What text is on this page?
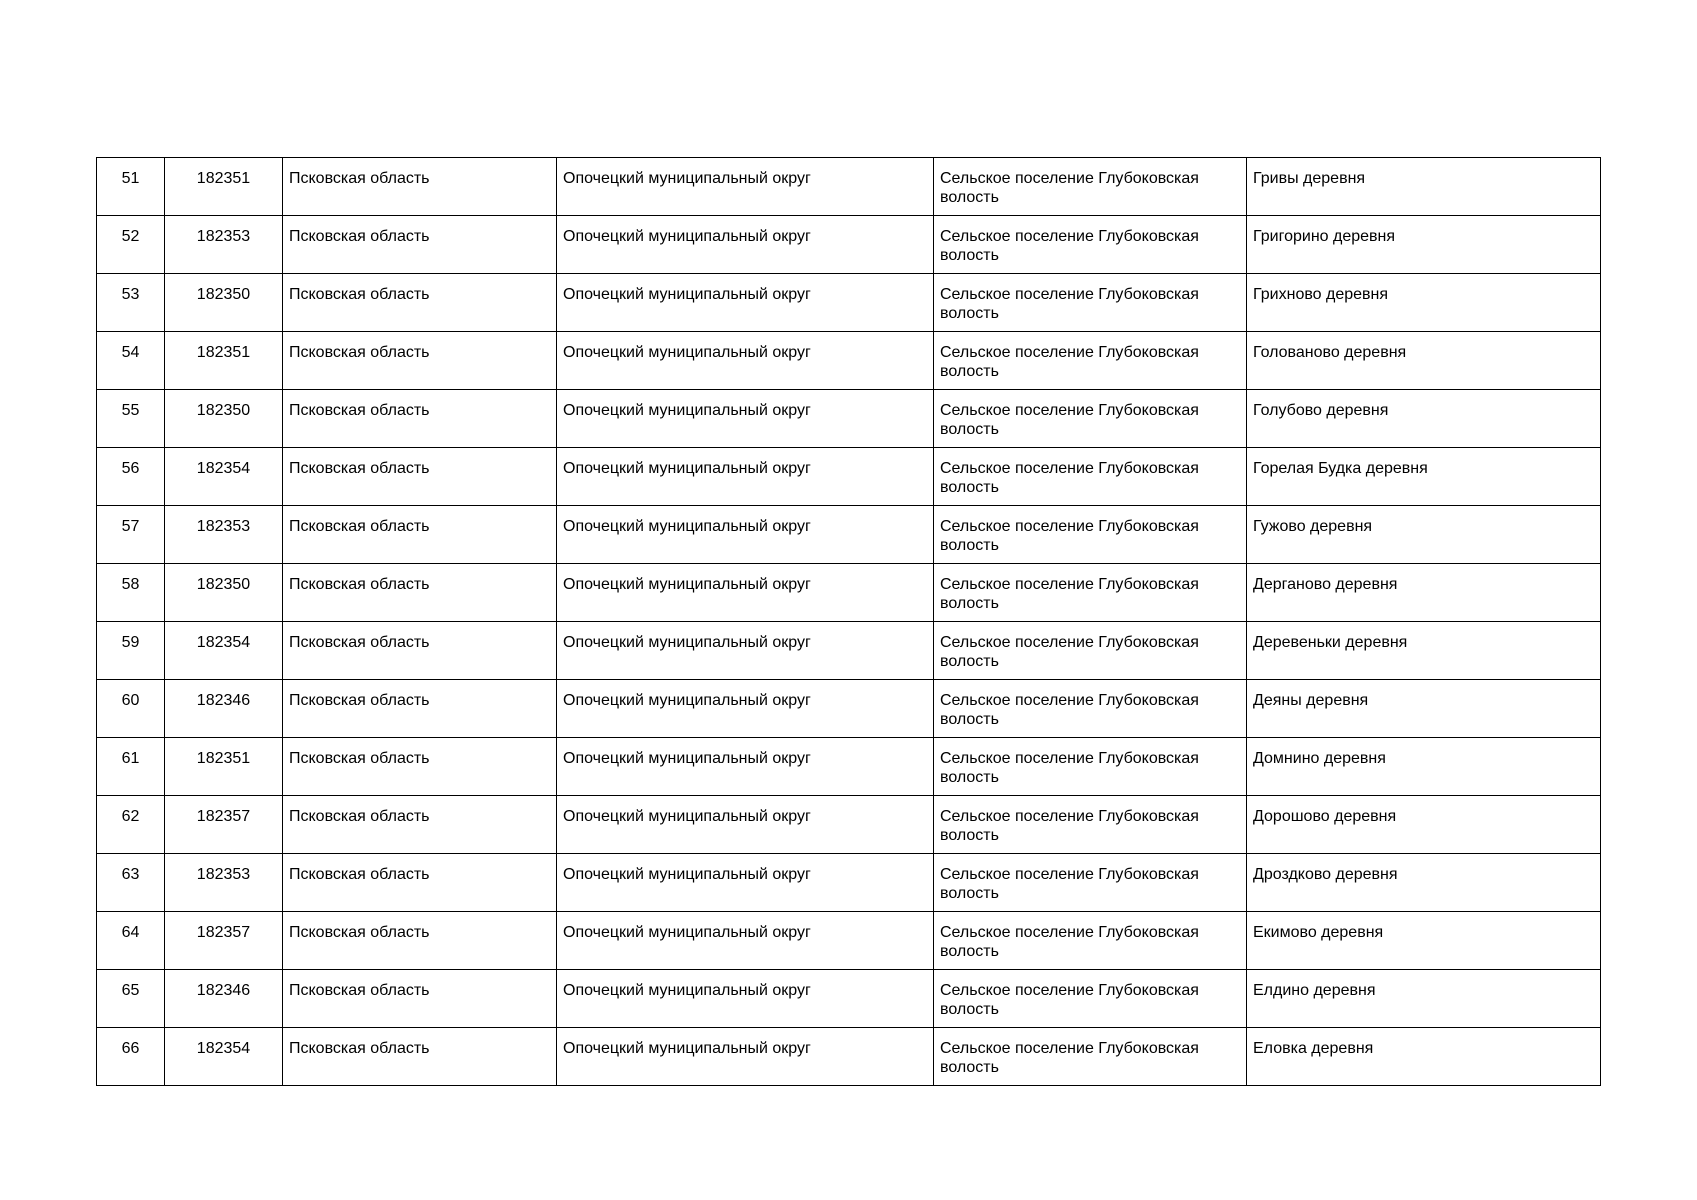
51	182351	Псковская область	Опочецкий муниципальный округ	Сельское поселение Глубоковская волость	Гривы деревня
52	182353	Псковская область	Опочецкий муниципальный округ	Сельское поселение Глубоковская волость	Григорино деревня
53	182350	Псковская область	Опочецкий муниципальный округ	Сельское поселение Глубоковская волость	Грихново деревня
54	182351	Псковская область	Опочецкий муниципальный округ	Сельское поселение Глубоковская волость	Голованово деревня
55	182350	Псковская область	Опочецкий муниципальный округ	Сельское поселение Глубоковская волость	Голубово деревня
56	182354	Псковская область	Опочецкий муниципальный округ	Сельское поселение Глубоковская волость	Горелая Будка деревня
57	182353	Псковская область	Опочецкий муниципальный округ	Сельское поселение Глубоковская волость	Гужово деревня
58	182350	Псковская область	Опочецкий муниципальный округ	Сельское поселение Глубоковская волость	Дерганово деревня
59	182354	Псковская область	Опочецкий муниципальный округ	Сельское поселение Глубоковская волость	Деревеньки деревня
60	182346	Псковская область	Опочецкий муниципальный округ	Сельское поселение Глубоковская волость	Деяны деревня
61	182351	Псковская область	Опочецкий муниципальный округ	Сельское поселение Глубоковская волость	Домнино деревня
62	182357	Псковская область	Опочецкий муниципальный округ	Сельское поселение Глубоковская волость	Дорошово деревня
63	182353	Псковская область	Опочецкий муниципальный округ	Сельское поселение Глубоковская волость	Дроздково деревня
64	182357	Псковская область	Опочецкий муниципальный округ	Сельское поселение Глубоковская волость	Екимово деревня
65	182346	Псковская область	Опочецкий муниципальный округ	Сельское поселение Глубоковская волость	Елдино деревня
66	182354	Псковская область	Опочецкий муниципальный округ	Сельское поселение Глубоковская волость	Еловка деревня
